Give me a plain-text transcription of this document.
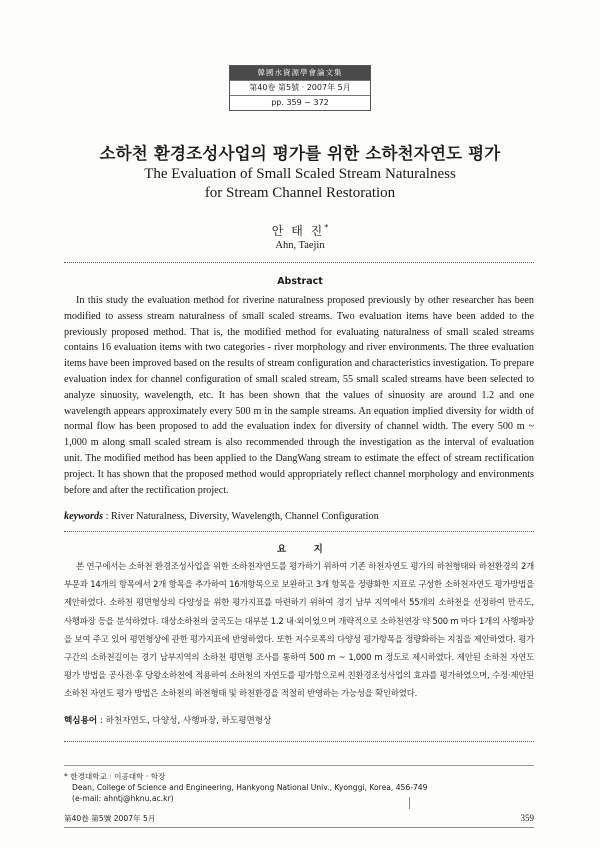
韓國水資源學會論文集
第40卷 第5號 · 2007年 5月
pp. 359 ~ 372
소하천 환경조성사업의 평가를 위한 소하천자연도 평가
The Evaluation of Small Scaled Stream Naturalness
for Stream Channel Restoration
안 태 진*
Ahn, Taejin
Abstract
In this study the evaluation method for riverine naturalness proposed previously by other researcher has been modified to assess stream naturalness of small scaled streams. Two evaluation items have been added to the previously proposed method. That is, the modified method for evaluating naturalness of small scaled streams contains 16 evaluation items with two categories - river morphology and river environments. The three evaluation items have been improved based on the results of stream configuration and characteristics investigation. To prepare evaluation index for channel configuration of small scaled stream, 55 small scaled streams have been selected to analyze sinuosity, wavelength, etc. It has been shown that the values of sinuosity are around 1.2 and one wavelength appears approximately every 500 m in the sample streams. An equation implied diversity for width of normal flow has been proposed to add the evaluation index for diversity of channel width. The every 500 m ~ 1,000 m along small scaled stream is also recommended through the investigation as the interval of evaluation unit. The modified method has been applied to the DangWang stream to estimate the effect of stream rectification project. It has shown that the proposed method would appropriately reflect channel morphology and environments before and after the rectification project.
keywords : River Naturalness, Diversity, Wavelength, Channel Configuration
요 지
본 연구에서는 소하천 환경조성사업을 위한 소하천자연도를 평가하기 위하여 기존 하천자연도 평가의 하천형태와 하천환경의 2개 부문과 14개의 항목에서 2개 항목을 추가하여 16개항목으로 보완하고 3개 항목을 정량화한 지표로 구성한 소하천자연도 평가방법을 제안하였다. 소하천 평면형상의 다양성을 위한 평가지표를 마련하기 위하여 경기 남부 지역에서 55개의 소하천을 선정하여 만곡도, 사행파장 등을 분석하였다. 대상소하천의 굴곡도는 대부분 1.2 내·외이었으며 개략적으로 소하천연장 약 500 m 마다 1개의 사행파장을 보여 주고 있어 평면형상에 관한 평가지표에 반영하였다. 또한 저수로폭의 다양성 평가항목을 정량화하는 지침을 제안하였다. 평가 구간의 소하천길이는 경기 남부지역의 소하천 평면형 조사를 통하여 500 m ~ 1,000 m 정도로 제시하였다. 제안된 소하천 자연도 평가 방법을 공사전·후 당왕소하천에 적용하여 소하천의 자연도를 평가함으로써 친환경조성사업의 효과를 평가하였으며, 수정·제안된 소하천 자연도 평가 방법은 소하천의 하천형태 및 하천환경을 적절히 반영하는 가능성을 확인하였다.
핵심용어 : 하천자연도, 다양성, 사행파장, 하도평면형상
* 한경대학교 · 이공대학 · 학장
Dean, College of Science and Engineering, Hankyong National Univ., Kyonggi, Korea, 456-749
(e-mail: ahntj@hknu.ac.kr)
第40卷 第5號 2007年 5月	359
